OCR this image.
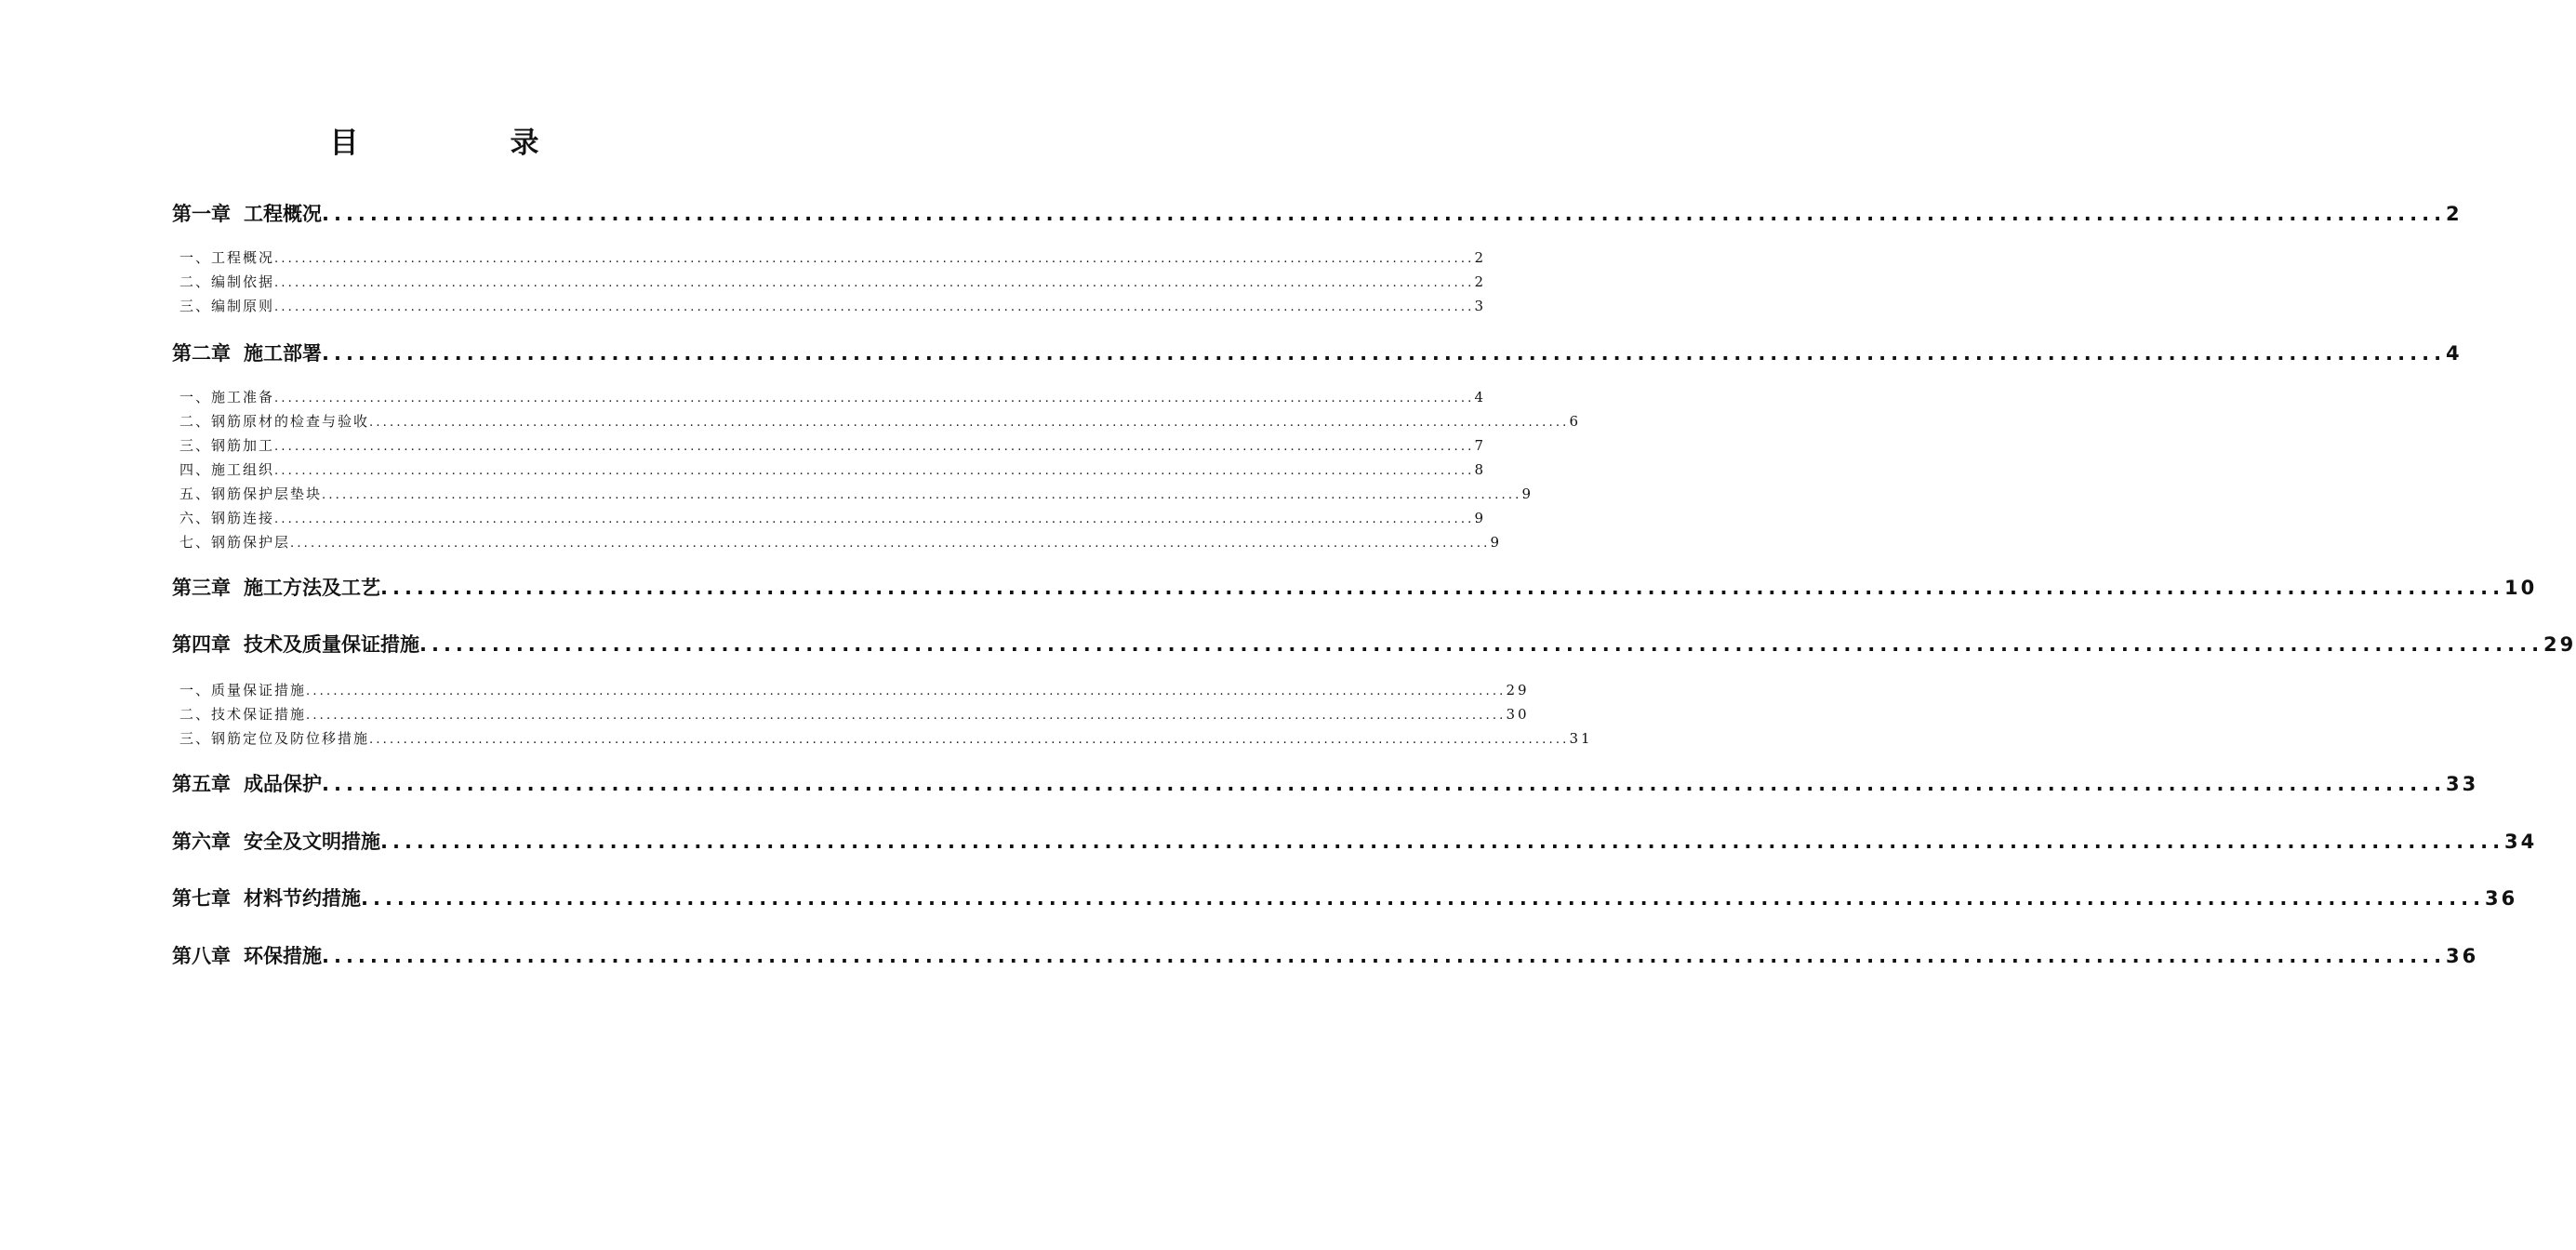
目　录
第一章 工程概况 ................................................................................................................................................................................ 2
一、工程概况 ................................................................................................................................................................................ 2
二、编制依据 ................................................................................................................................................................................ 2
三、编制原则 ................................................................................................................................................................................ 3
第二章 施工部署 ................................................................................................................................................................................ 4
一、施工准备 ................................................................................................................................................................................ 4
二、钢筋原材的检查与验收 ................................................................................................................................................................................ 6
三、钢筋加工 ................................................................................................................................................................................ 7
四、施工组织 ................................................................................................................................................................................ 8
五、钢筋保护层垫块 ................................................................................................................................................................................ 9
六、钢筋连接 ................................................................................................................................................................................ 9
七、钢筋保护层 ................................................................................................................................................................................ 9
第三章 施工方法及工艺 ................................................................................................................................................................................ 10
第四章 技术及质量保证措施 ................................................................................................................................................................................ 29
一、质量保证措施 ................................................................................................................................................................................ 29
二、技术保证措施 ................................................................................................................................................................................ 30
三、钢筋定位及防位移措施 ................................................................................................................................................................................ 31
第五章 成品保护 ................................................................................................................................................................................ 33
第六章 安全及文明措施 ................................................................................................................................................................................ 34
第七章 材料节约措施 ................................................................................................................................................................................ 36
第八章 环保措施 ................................................................................................................................................................................ 36
